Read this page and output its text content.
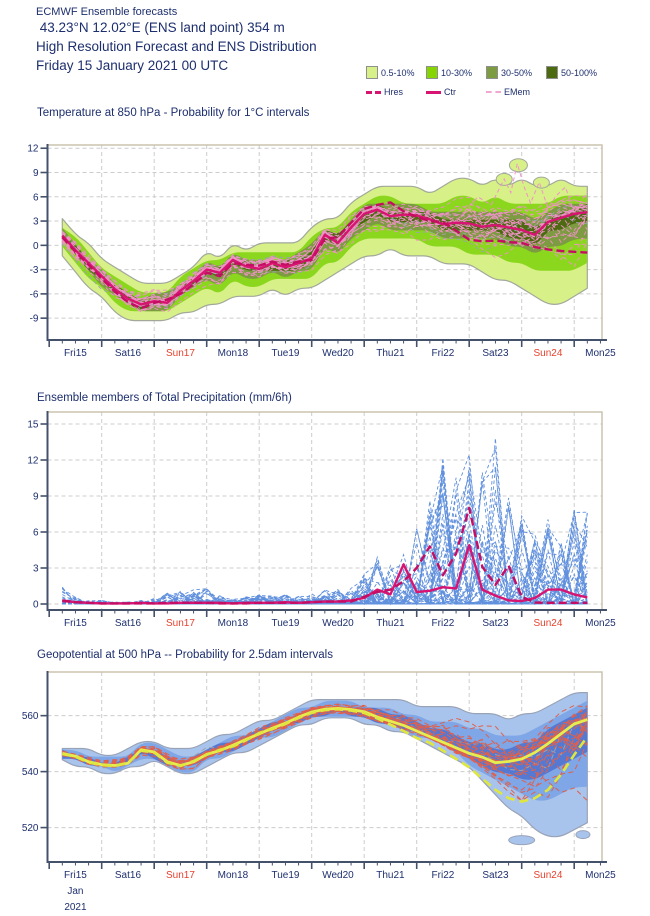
ECMWF Ensemble forecasts
43.23°N 12.02°E (ENS land point) 354 m
High Resolution Forecast and ENS Distribution
Friday 15 January 2021 00 UTC	0.5-10%	10-30%	30-50%	50-100%
Hres	Ctr	EMem
Temperature at 850 hPa - Probability for 1°C intervals
Ensemble members of Total Precipitation (mm/6h)
Geopotential at 500 hPa -- Probability for 2.5dam intervals
-9
-6
-3
0
3
6
9
12
Fri15	Sat16 Sun17 Mon18 Tue19 Wed20 Thu21	Fri22	Sat23 Sun24 Mon25
0
3
6
9
12
15
Fri15	Sat16 Sun17 Mon18 Tue19 Wed20 Thu21	Fri22	Sat23 Sun24 Mon25
520
540
560
Fri15	Sat16 Sun17 Mon18 Tue19 Wed20 Thu21	Fri22	Sat23 Sun24 Mon25
Jan
2021
